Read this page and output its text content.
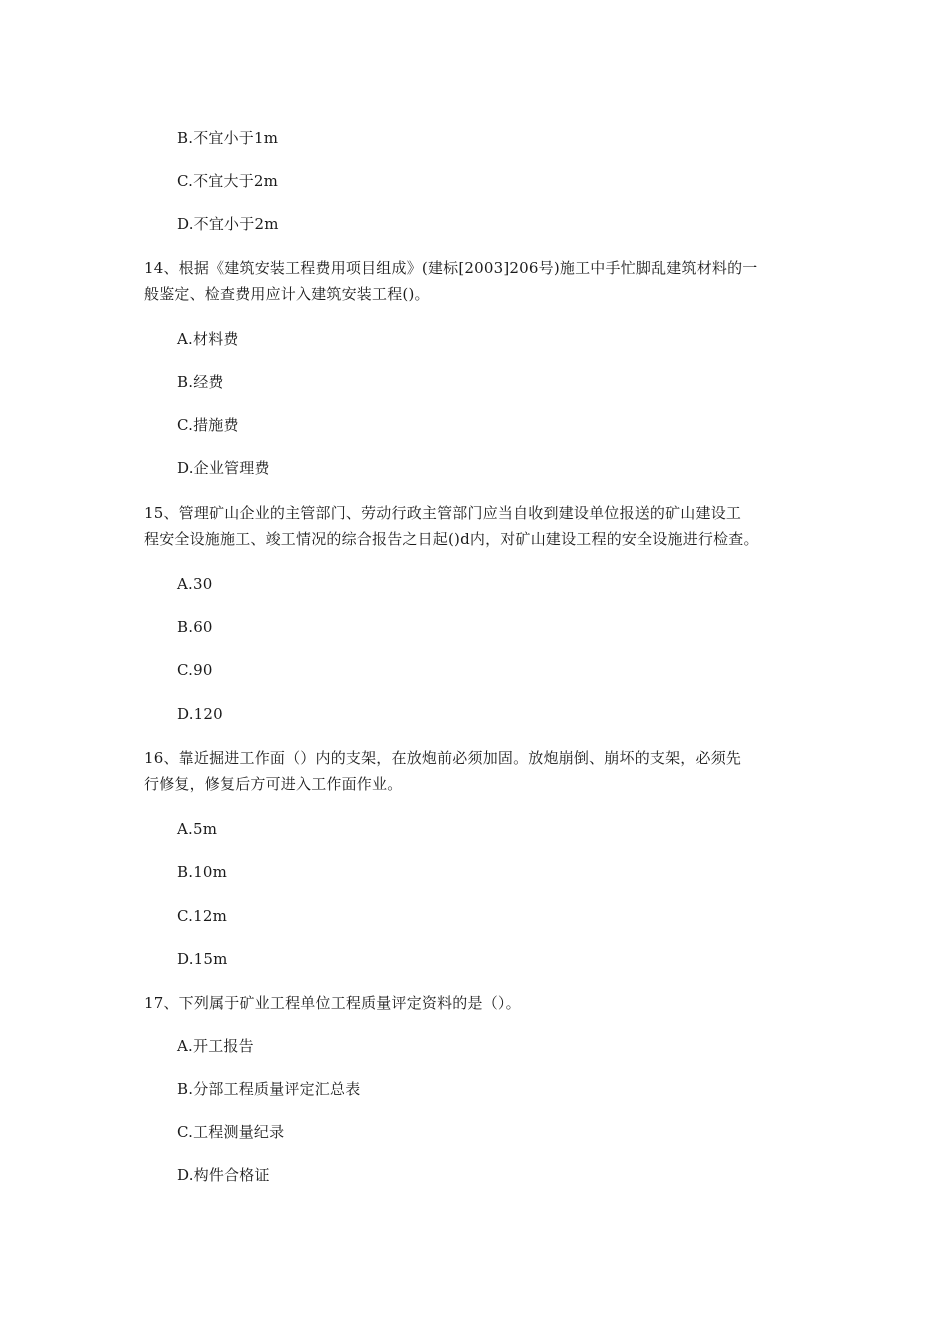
B.不宜小于1m
C.不宜大于2m
D.不宜小于2m
14、根据《建筑安装工程费用项目组成》(建标[2003]206号)施工中手忙脚乱建筑材料的一
般鉴定、检查费用应计入建筑安装工程()。
A.材料费
B.经费
C.措施费
D.企业管理费
15、管理矿山企业的主管部门、劳动行政主管部门应当自收到建设单位报送的矿山建设工
程安全设施施工、竣工情况的综合报告之日起()d内，对矿山建设工程的安全设施进行检查。
A.30
B.60
C.90
D.120
16、靠近掘进工作面（）内的支架，在放炮前必须加固。放炮崩倒、崩坏的支架，必须先
行修复，修复后方可进入工作面作业。
A.5m
B.10m
C.12m
D.15m
17、下列属于矿业工程单位工程质量评定资料的是（）。
A.开工报告
B.分部工程质量评定汇总表
C.工程测量纪录
D.构件合格证
